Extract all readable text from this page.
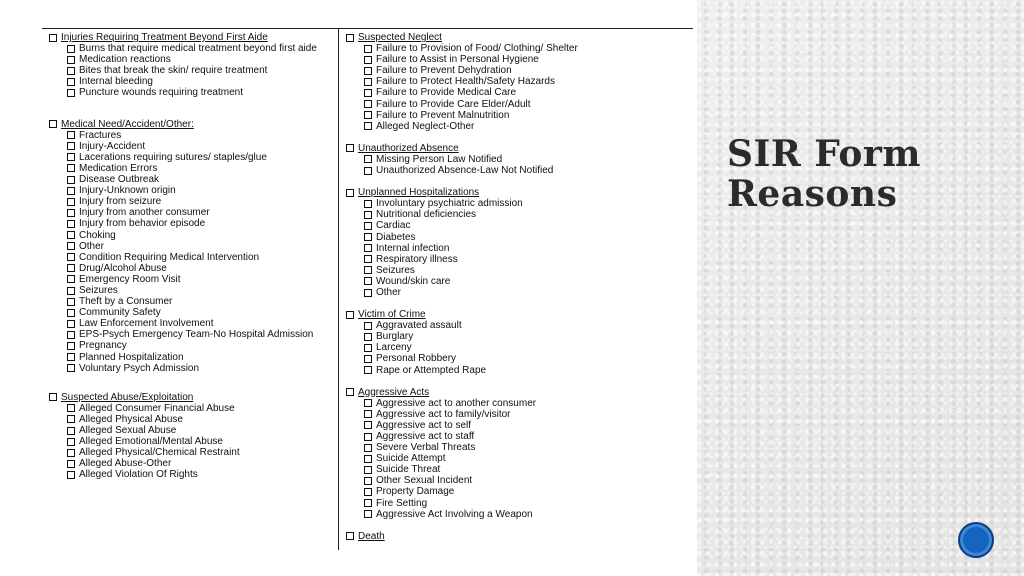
Injuries Requiring Treatment Beyond First Aide
Burns that require medical treatment beyond first aide
Medication reactions
Bites that break the skin/ require treatment
Internal bleeding
Puncture wounds requiring treatment
Medical Need/Accident/Other:
Fractures
Injury-Accident
Lacerations requiring sutures/ staples/glue
Medication Errors
Disease Outbreak
Injury-Unknown origin
Injury from seizure
Injury from another consumer
Injury from behavior episode
Choking
Other
Condition Requiring Medical Intervention
Drug/Alcohol Abuse
Emergency Room Visit
Seizures
Theft by a Consumer
Community Safety
Law Enforcement Involvement
EPS-Psych Emergency Team-No Hospital Admission
Pregnancy
Planned Hospitalization
Voluntary Psych Admission
Suspected Abuse/Exploitation
Alleged Consumer Financial Abuse
Alleged Physical Abuse
Alleged Sexual Abuse
Alleged Emotional/Mental Abuse
Alleged Physical/Chemical Restraint
Alleged Abuse-Other
Alleged Violation Of Rights
Suspected Neglect
Failure to Provision of Food/ Clothing/ Shelter
Failure to Assist in Personal Hygiene
Failure to Prevent Dehydration
Failure to Protect Health/Safety Hazards
Failure to Provide Medical Care
Failure to Provide Care Elder/Adult
Failure to Prevent Malnutrition
Alleged Neglect-Other
Unauthorized Absence
Missing Person Law Notified
Unauthorized Absence-Law Not Notified
Unplanned Hospitalizations
Involuntary psychiatric admission
Nutritional deficiencies
Cardiac
Diabetes
Internal infection
Respiratory illness
Seizures
Wound/skin care
Other
Victim of Crime
Aggravated assault
Burglary
Larceny
Personal Robbery
Rape or Attempted Rape
Aggressive Acts
Aggressive act to another consumer
Aggressive act to family/visitor
Aggressive act to self
Aggressive act to staff
Severe Verbal Threats
Suicide Attempt
Suicide Threat
Other Sexual Incident
Property Damage
Fire Setting
Aggressive Act Involving a Weapon
Death
SIR Form
Reasons
